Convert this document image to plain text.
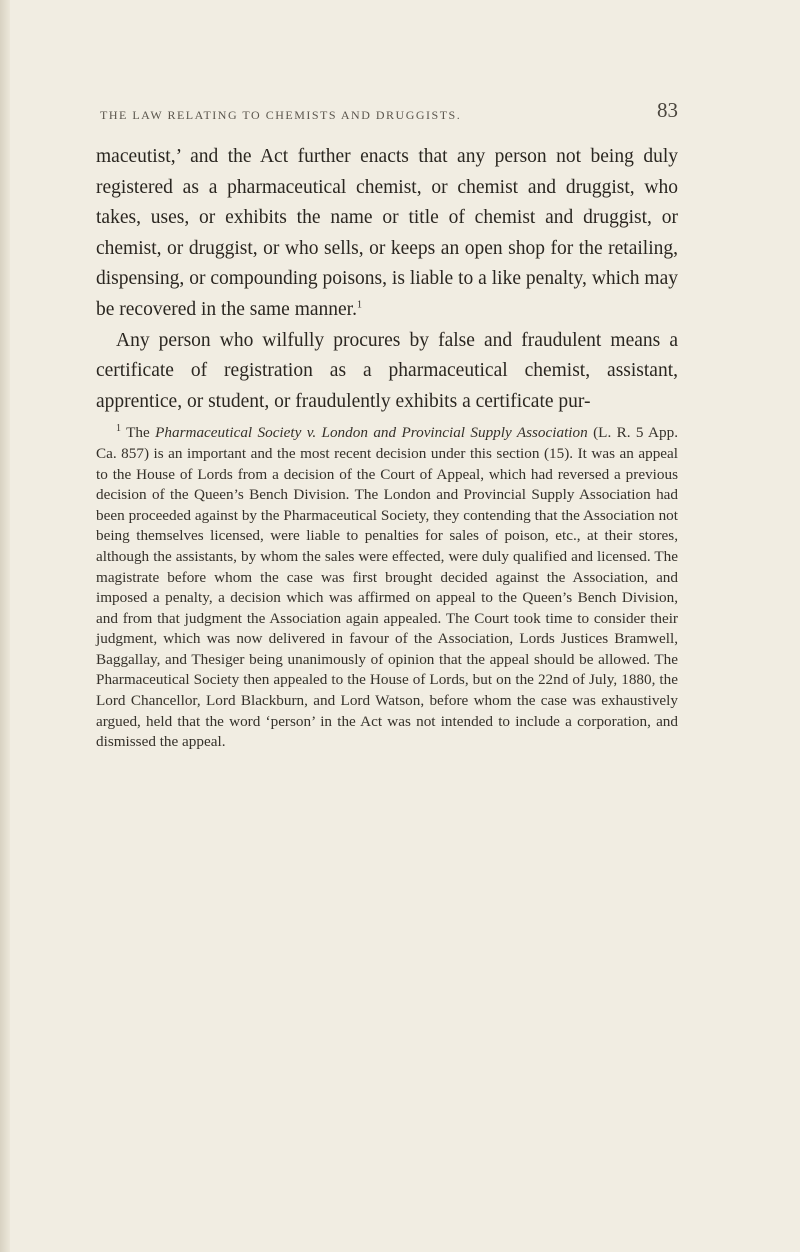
THE LAW RELATING TO CHEMISTS AND DRUGGISTS.	83

maceutist,’ and the Act further enacts that any person not being duly registered as a pharmaceutical chemist, or chemist and druggist, who takes, uses, or exhibits the name or title of chemist and druggist, or chemist, or druggist, or who sells, or keeps an open shop for the retailing, dispensing, or compounding poisons, is liable to a like penalty, which may be recovered in the same manner.$^1$

Any person who wilfully procures by false and fraudulent means a certificate of registration as a pharmaceutical chemist, assistant, apprentice, or student, or fraudulently exhibits a certificate pur-

$^1$ The Pharmaceutical Society v. London and Provincial Supply Association (L. R. 5 App. Ca. 857) is an important and the most recent decision under this section (15). It was an appeal to the House of Lords from a decision of the Court of Appeal, which had reversed a previous decision of the Queen’s Bench Division. The London and Provincial Supply Association had been proceeded against by the Pharmaceutical Society, they contending that the Association not being themselves licensed, were liable to penalties for sales of poison, etc., at their stores, although the assistants, by whom the sales were effected, were duly qualified and licensed. The magistrate before whom the case was first brought decided against the Association, and imposed a penalty, a decision which was affirmed on appeal to the Queen’s Bench Division, and from that judgment the Association again appealed. The Court took time to consider their judgment, which was now delivered in favour of the Association, Lords Justices Bramwell, Baggallay, and Thesiger being unanimously of opinion that the appeal should be allowed. The Pharmaceutical Society then appealed to the House of Lords, but on the 22nd of July, 1880, the Lord Chancellor, Lord Blackburn, and Lord Watson, before whom the case was exhaustively argued, held that the word ‘person’ in the Act was not intended to include a corporation, and dismissed the appeal.
